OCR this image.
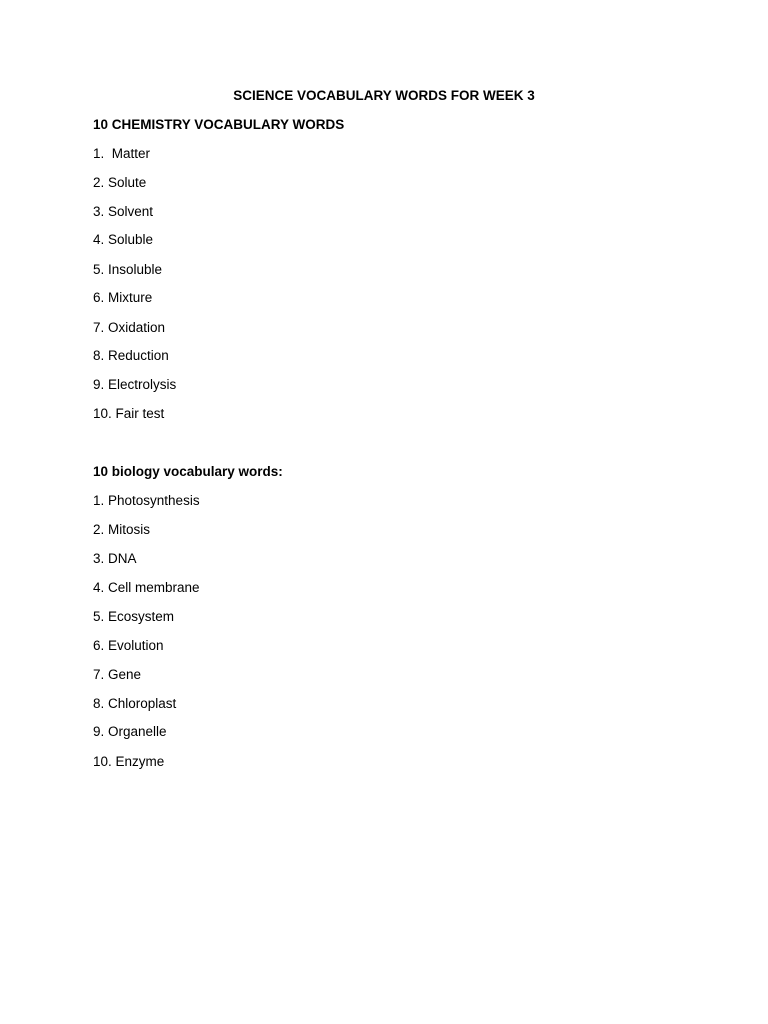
SCIENCE VOCABULARY WORDS FOR WEEK 3
10 CHEMISTRY VOCABULARY WORDS
1.  Matter
2. Solute
3. Solvent
4. Soluble
5. Insoluble
6. Mixture
7. Oxidation
8. Reduction
9. Electrolysis
10. Fair test
10 biology vocabulary words:
1. Photosynthesis
2. Mitosis
3. DNA
4. Cell membrane
5. Ecosystem
6. Evolution
7. Gene
8. Chloroplast
9. Organelle
10. Enzyme
